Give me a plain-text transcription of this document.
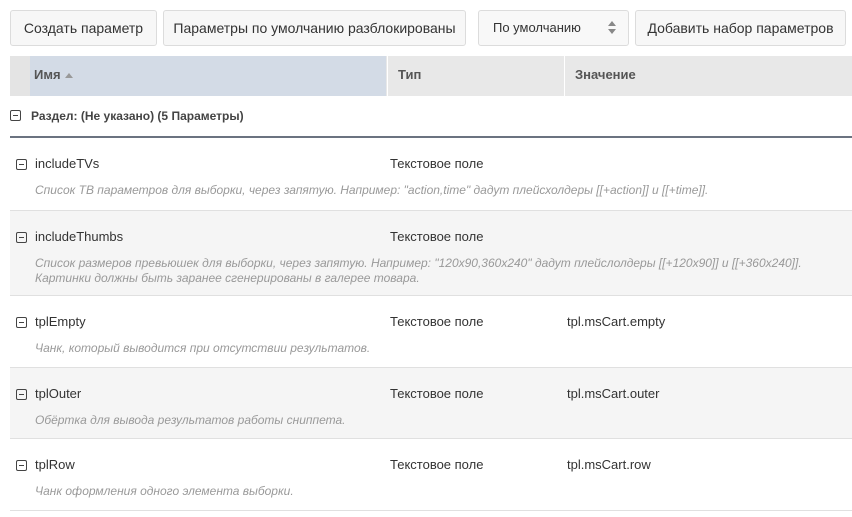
Создать параметр	Параметры по умолчанию разблокированы	По умолчанию	Добавить набор параметров
Имя	Тип	Значение
Раздел: (Не указано) (5 Параметры)
includeTVs	Текстовое поле
Список ТВ параметров для выборки, через запятую. Например: "action,time" дадут плейсхолдеры [[+action]] и [[+time]].
includeThumbs	Текстовое поле
Список размеров превьюшек для выборки, через запятую. Например: "120x90,360x240" дадут плейслолдеры [[+120x90]] и [[+360x240]]. Картинки должны быть заранее сгенерированы в галерее товара.
tplEmpty	Текстовое поле	tpl.msCart.empty
Чанк, который выводится при отсутствии результатов.
tplOuter	Текстовое поле	tpl.msCart.outer
Обёртка для вывода результатов работы сниппета.
tplRow	Текстовое поле	tpl.msCart.row
Чанк оформления одного элемента выборки.
